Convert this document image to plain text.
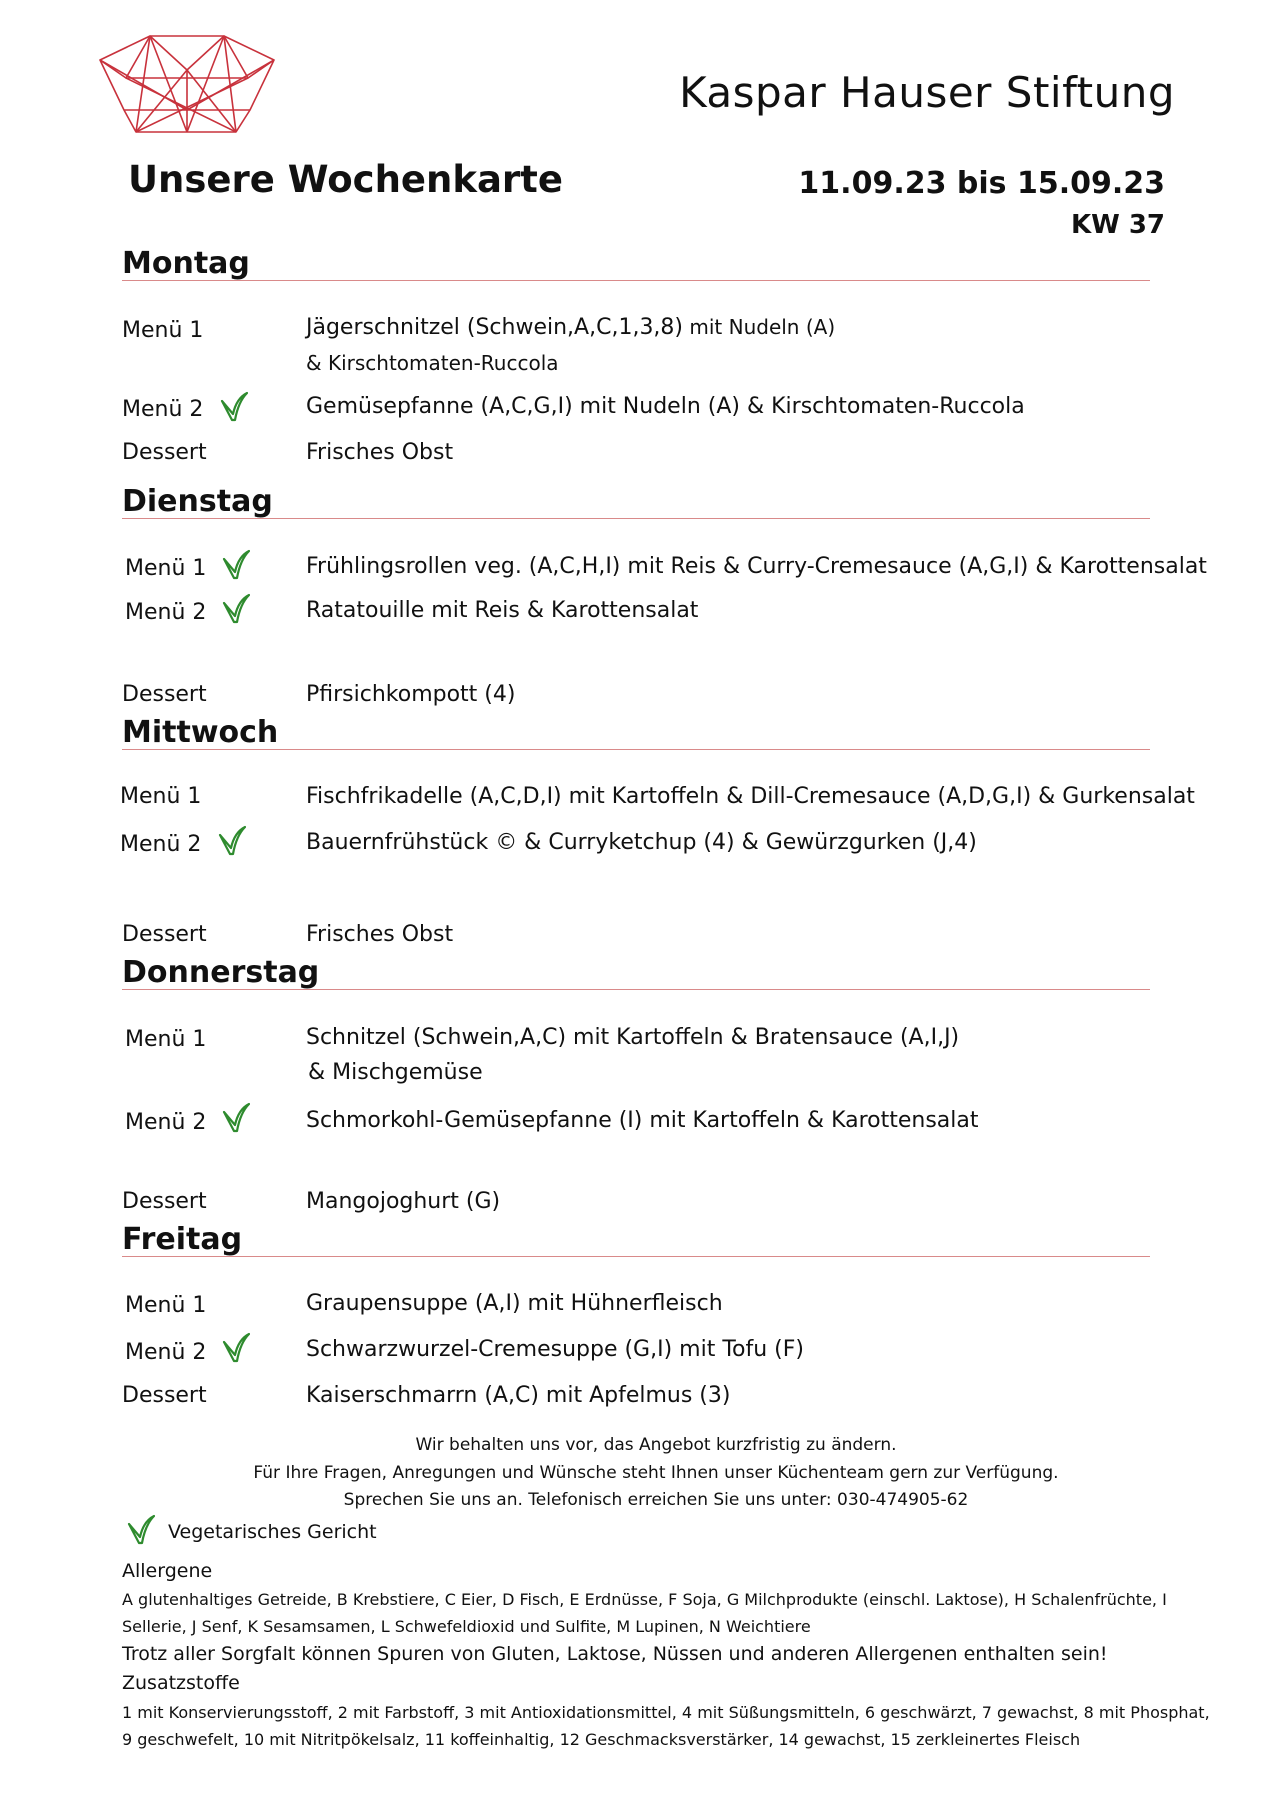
Kaspar Hauser Stiftung
Unsere Wochenkarte	11.09.23 bis 15.09.23
KW 37
Montag
Menü 1	Jägerschnitzel (Schwein,A,C,1,3,8) mit Nudeln (A)
& Kirschtomaten-Ruccola
Menü 2	Gemüsepfanne (A,C,G,I) mit Nudeln (A) & Kirschtomaten-Ruccola
Dessert	Frisches Obst
Dienstag
Menü 1	Frühlingsrollen veg. (A,C,H,I) mit Reis & Curry-Cremesauce (A,G,I) & Karottensalat
Menü 2	Ratatouille mit Reis & Karottensalat
Dessert	Pfirsichkompott (4)
Mittwoch
Menü 1	Fischfrikadelle (A,C,D,I) mit Kartoffeln & Dill-Cremesauce (A,D,G,I) & Gurkensalat
Menü 2	Bauernfrühstück © & Curryketchup (4) & Gewürzgurken (J,4)
Dessert	Frisches Obst
Donnerstag
Menü 1	Schnitzel (Schwein,A,C) mit Kartoffeln & Bratensauce (A,I,J)
& Mischgemüse
Menü 2	Schmorkohl-Gemüsepfanne (I) mit Kartoffeln & Karottensalat
Dessert	Mangojoghurt (G)
Freitag
Menü 1	Graupensuppe (A,I) mit Hühnerfleisch
Menü 2	Schwarzwurzel-Cremesuppe (G,I) mit Tofu (F)
Dessert	Kaiserschmarrn (A,C) mit Apfelmus (3)
Wir behalten uns vor, das Angebot kurzfristig zu ändern.
Für Ihre Fragen, Anregungen und Wünsche steht Ihnen unser Küchenteam gern zur Verfügung.
Sprechen Sie uns an. Telefonisch erreichen Sie uns unter: 030-474905-62
Vegetarisches Gericht
Allergene
A glutenhaltiges Getreide, B Krebstiere, C Eier, D Fisch, E Erdnüsse, F Soja, G Milchprodukte (einschl. Laktose), H Schalenfrüchte, I
Sellerie, J Senf, K Sesamsamen, L Schwefeldioxid und Sulfite, M Lupinen, N Weichtiere
Trotz aller Sorgfalt können Spuren von Gluten, Laktose, Nüssen und anderen Allergenen enthalten sein!
Zusatzstoffe
1 mit Konservierungsstoff, 2 mit Farbstoff, 3 mit Antioxidationsmittel, 4 mit Süßungsmitteln, 6 geschwärzt, 7 gewachst, 8 mit Phosphat,
9 geschwefelt, 10 mit Nitritpökelsalz, 11 koffeinhaltig, 12 Geschmacksverstärker, 14 gewachst, 15 zerkleinertes Fleisch
